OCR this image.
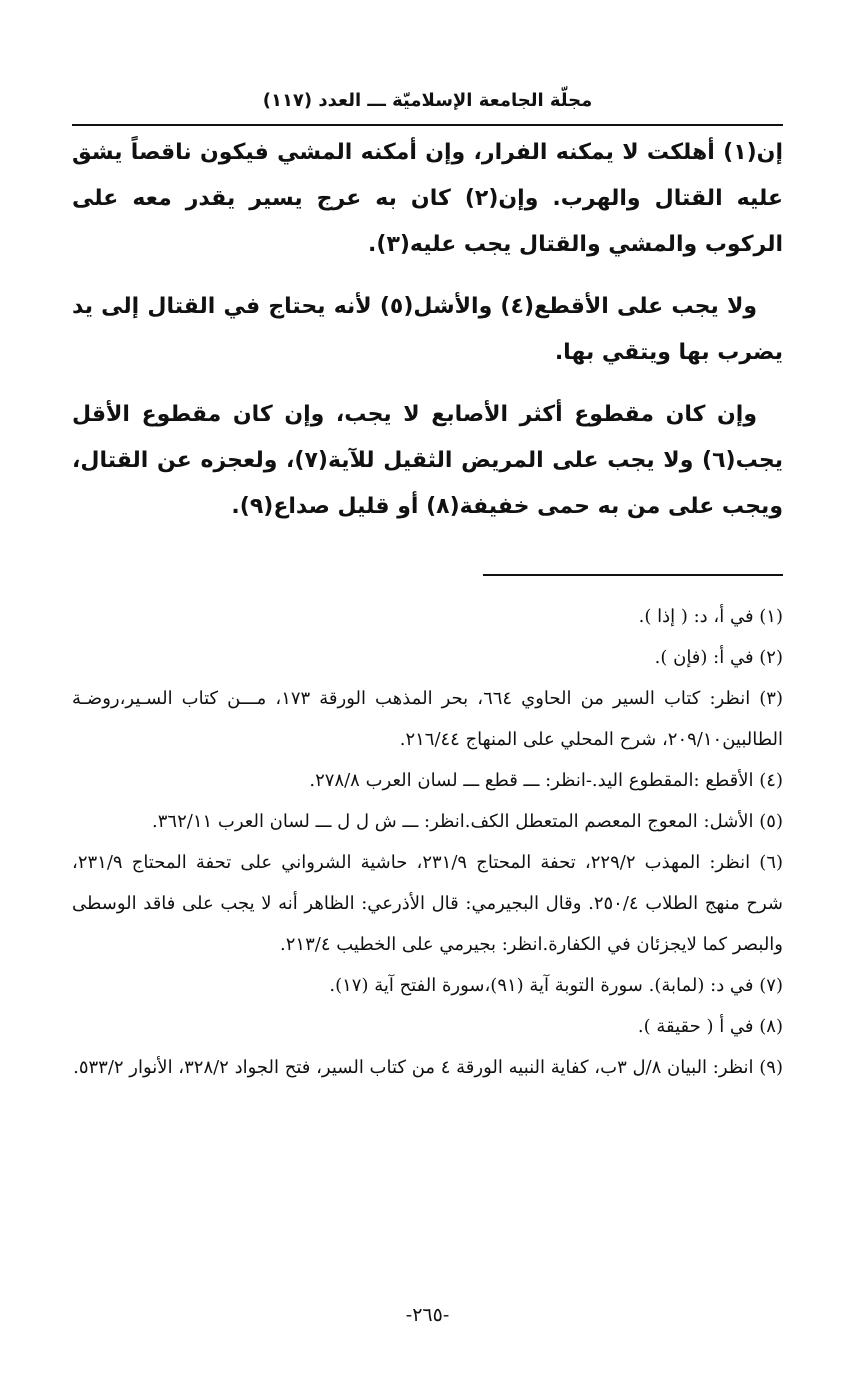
مجلّة الجامعة الإسلاميّة ـــ العدد (١١٧)

إن(١) أهلكت لا يمكنه الفرار، وإن أمكنه المشي فيكون ناقصاً يشق عليه القتال والهرب. وإن(٢) كان به عرج يسير يقدر معه على الركوب والمشي والقتال يجب عليه(٣).

ولا يجب على الأقطع(٤) والأشل(٥) لأنه يحتاج في القتال إلى يد يضرب بها ويتقي بها.

وإن كان مقطوع أكثر الأصابع لا يجب، وإن كان مقطوع الأقل يجب(٦) ولا يجب على المريض الثقيل للآية(٧)، ولعجزه عن القتال، ويجب على من به حمى خفيفة(٨) أو قليل صداع(٩).

(١) في أ، د: ( إذا ).

(٢) في أ: (فإن ).

(٣) انظر: كتاب السير من الحاوي ٦٦٤، بحر المذهب الورقة ١٧٣، مـــن كتاب السـير،روضـة الطالبين٢٠٩/١٠، شرح المحلي على المنهاج ٢١٦/٤٤.

(٤) الأقطع :المقطوع اليد.-انظر: ـــ قطع ـــ لسان العرب ٢٧٨/٨.

(٥) الأشل: المعوج المعصم المتعطل الكف.انظر: ـــ ش ل ل ـــ لسان العرب ٣٦٢/١١.

(٦) انظر: المهذب ٢٢٩/٢، تحفة المحتاج ٢٣١/٩، حاشية الشرواني على تحفة المحتاج ٢٣١/٩، شرح منهج الطلاب ٢٥٠/٤. وقال البجيرمي: قال الأذرعي: الظاهر أنه لا يجب على فاقد الوسطى والبصر كما لايجزئان في الكفارة.انظر: بجيرمي على الخطيب ٢١٣/٤.

(٧) في د: (لمابة). سورة التوبة آية (٩١)،سورة الفتح آية (١٧).

(٨) في أ ( حقيقة ).

(٩) انظر: البيان ٨/ل ٣ب، كفاية النبيه الورقة ٤ من كتاب السير، فتح الجواد ٣٢٨/٢، الأنوار ٥٣٣/٢.

-٢٦٥-
